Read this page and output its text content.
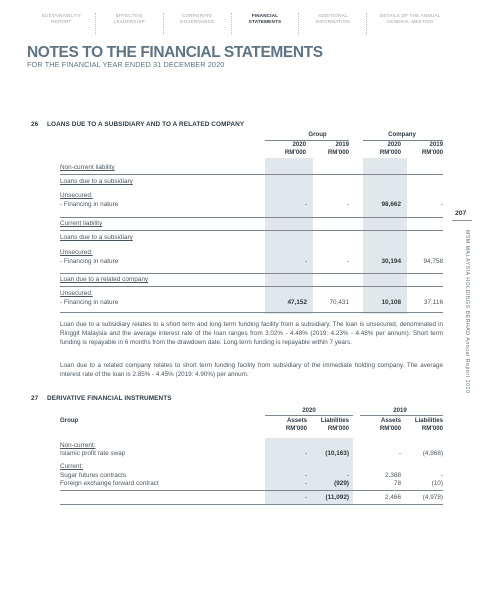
SUSTAINABILITY
REPORT
EFFECTIVE
LEADERSHIP
CORPORATE
GOVERNANCE
FINANCIAL
STATEMENTS
ADDITIONAL
INFORMATION
DETAILS OF THE ANNUAL
GENERAL MEETING
NOTES TO THE FINANCIAL STATEMENTS
FOR THE FINANCIAL YEAR ENDED 31 DECEMBER 2020
207
MSM MALAYSIA HOLDINGS BERHAD Annual Report 2020
26 LOANS DUE TO A SUBSIDIARY AND TO A RELATED COMPANY
Group	Company
2020	2019	2020	2019
RM'000	RM'000	RM'000	RM'000
Non-current liability
Loans due to a subsidiary
Unsecured:
- Financing in nature	-	-	98,662	-
Current liability
Loans due to a subsidiary
Unsecured:
- Financing in nature	-	-	30,194	94,758
Loan due to a related company
Unsecured:
- Financing in nature	47,152	70,431	10,108	37,116

Loan due to a subsidiary relates to a short term and long term funding facility from a subsidiary. The loan is unsecured, denominated in Ringgit Malaysia and the average interest rate of the loan ranges from 3.02% - 4.48% (2019: 4.23% - 4.48% per annum). Short term funding is repayable in 6 months from the drawdown date. Long term funding is repayable within 7 years.

Loan due to a related company relates to short term funding facility from subsidiary of the immediate holding company. The average interest rate of the loan is 2.85% - 4.45% (2019: 4.90%) per annum.

27 DERIVATIVE FINANCIAL INSTRUMENTS
2020	2019
Group	Assets	Liabilities	Assets	Liabilities
RM'000	RM'000	RM'000	RM'000
Non-current:
Islamic profit rate swap	-	(10,163)	-	(4,968)
Current:
Sugar futures contracts	-	-	2,388	-
Foreign exchange forward contract	-	(929)	78	(10)
-	(11,092)	2,466	(4,978)
